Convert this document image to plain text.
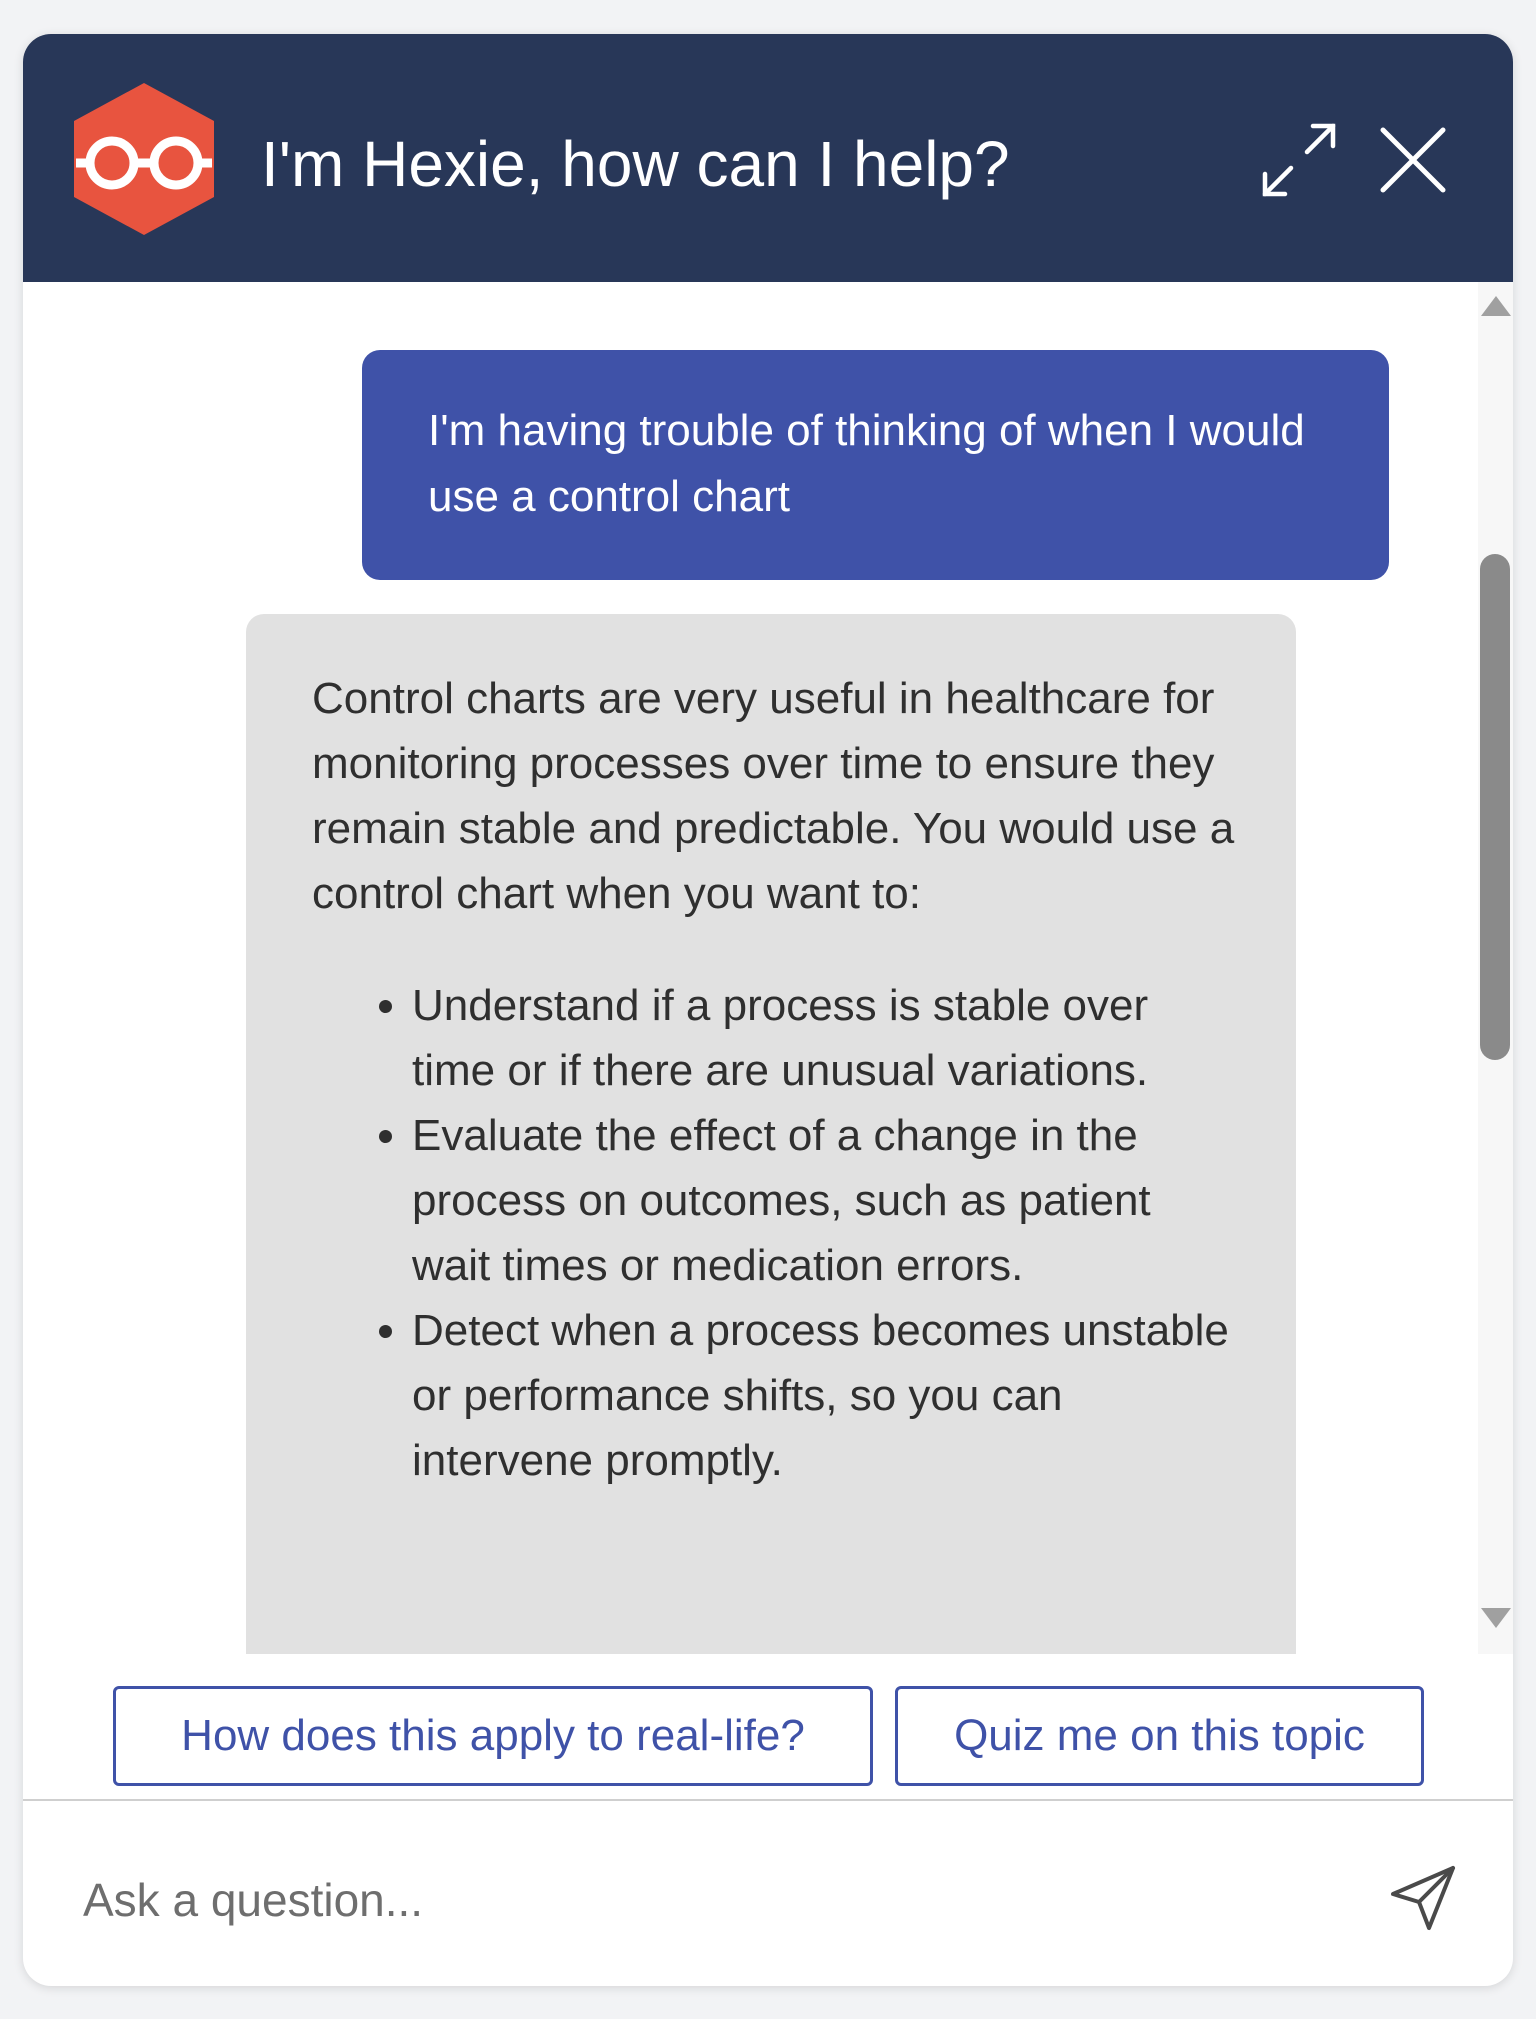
I'm Hexie, how can I help?
I'm having trouble of thinking of when I would use a control chart

Control charts are very useful in healthcare for monitoring processes over time to ensure they remain stable and predictable. You would use a control chart when you want to:

• Understand if a process is stable over time or if there are unusual variations.
• Evaluate the effect of a change in the process on outcomes, such as patient wait times or medication errors.
• Detect when a process becomes unstable or performance shifts, so you can intervene promptly.
How does this apply to real-life?	Quiz me on this topic
Ask a question...
